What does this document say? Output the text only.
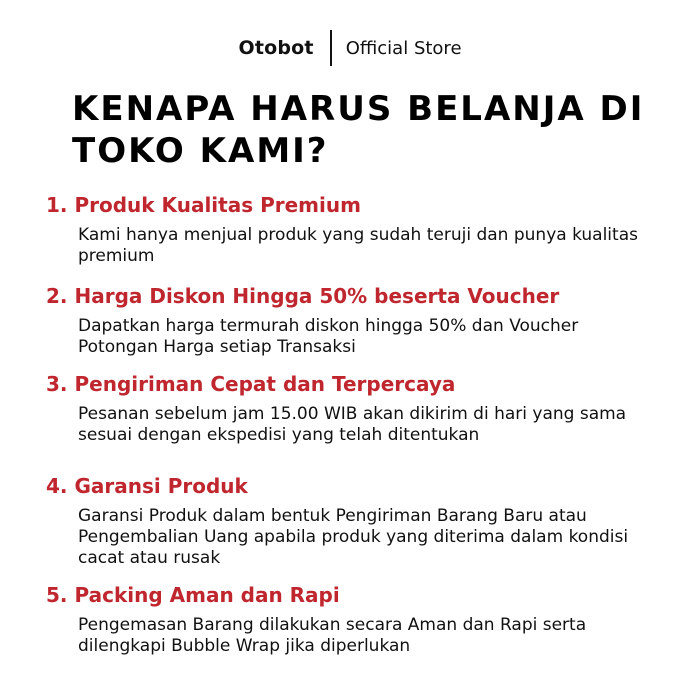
Otobot Official Store
KENAPA HARUS BELANJA DI TOKO KAMI?
1. Produk Kualitas Premium
Kami hanya menjual produk yang sudah teruji dan punya kualitas premium
2. Harga Diskon Hingga 50% beserta Voucher
Dapatkan harga termurah diskon hingga 50% dan Voucher Potongan Harga setiap Transaksi
3. Pengiriman Cepat dan Terpercaya
Pesanan sebelum jam 15.00 WIB akan dikirim di hari yang sama sesuai dengan ekspedisi yang telah ditentukan
4. Garansi Produk
Garansi Produk dalam bentuk Pengiriman Barang Baru atau Pengembalian Uang apabila produk yang diterima dalam kondisi cacat atau rusak
5. Packing Aman dan Rapi
Pengemasan Barang dilakukan secara Aman dan Rapi serta dilengkapi Bubble Wrap jika diperlukan
